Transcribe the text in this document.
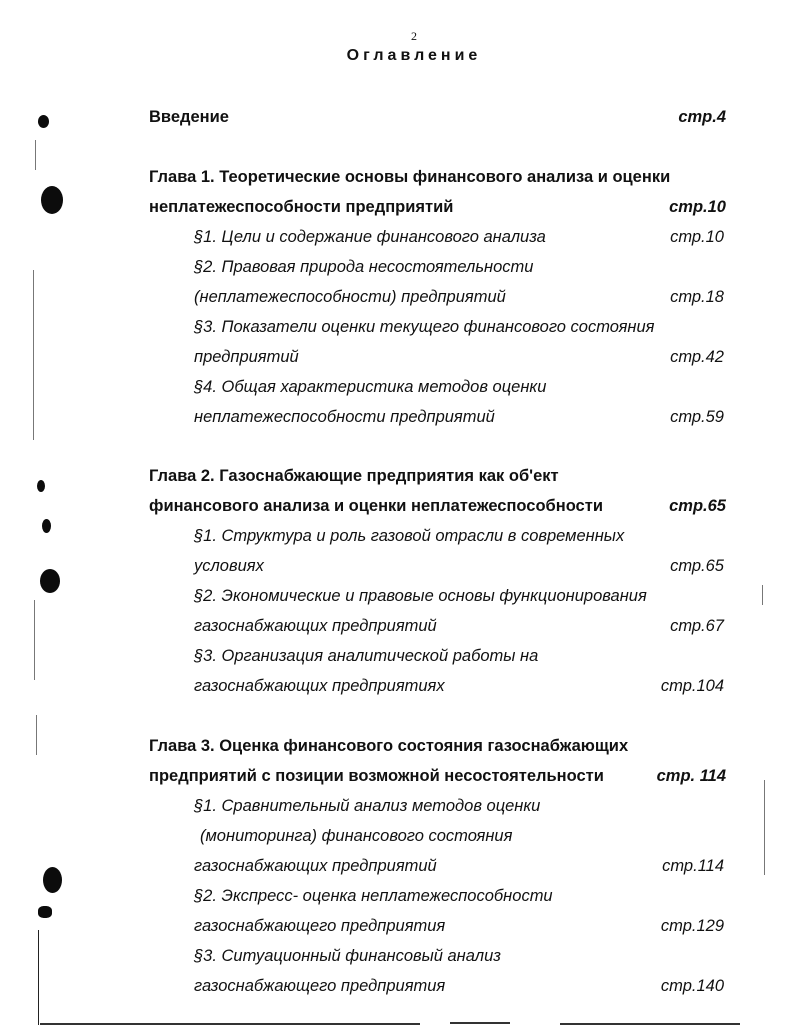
2
Оглавление
Введение	стр.4
Глава 1. Теоретические основы финансового анализа и оценки
неплатежеспособности предприятий	стр.10
§1. Цели и содержание финансового анализа	стр.10
§2. Правовая природа несостоятельности
(неплатежеспособности) предприятий	стр.18
§3. Показатели оценки текущего финансового состояния
предприятий	стр.42
§4. Общая характеристика методов оценки
неплатежеспособности предприятий	стр.59
Глава 2. Газоснабжающие предприятия как об'ект
финансового анализа и оценки неплатежеспособности	стр.65
§1. Структура и роль газовой отрасли в современных
условиях	стр.65
§2. Экономические и правовые основы функционирования
газоснабжающих предприятий	стр.67
§3. Организация аналитической работы на
газоснабжающих предприятиях	стр.104
Глава 3. Оценка финансового состояния газоснабжающих
предприятий с позиции возможной несостоятельности	стр. 114
§1. Сравнительный анализ методов оценки
(мониторинга) финансового состояния
газоснабжающих предприятий	стр.114
§2. Экспресс- оценка неплатежеспособности
газоснабжающего предприятия	стр.129
§3. Ситуационный финансовый анализ
газоснабжающего предприятия	стр.140
